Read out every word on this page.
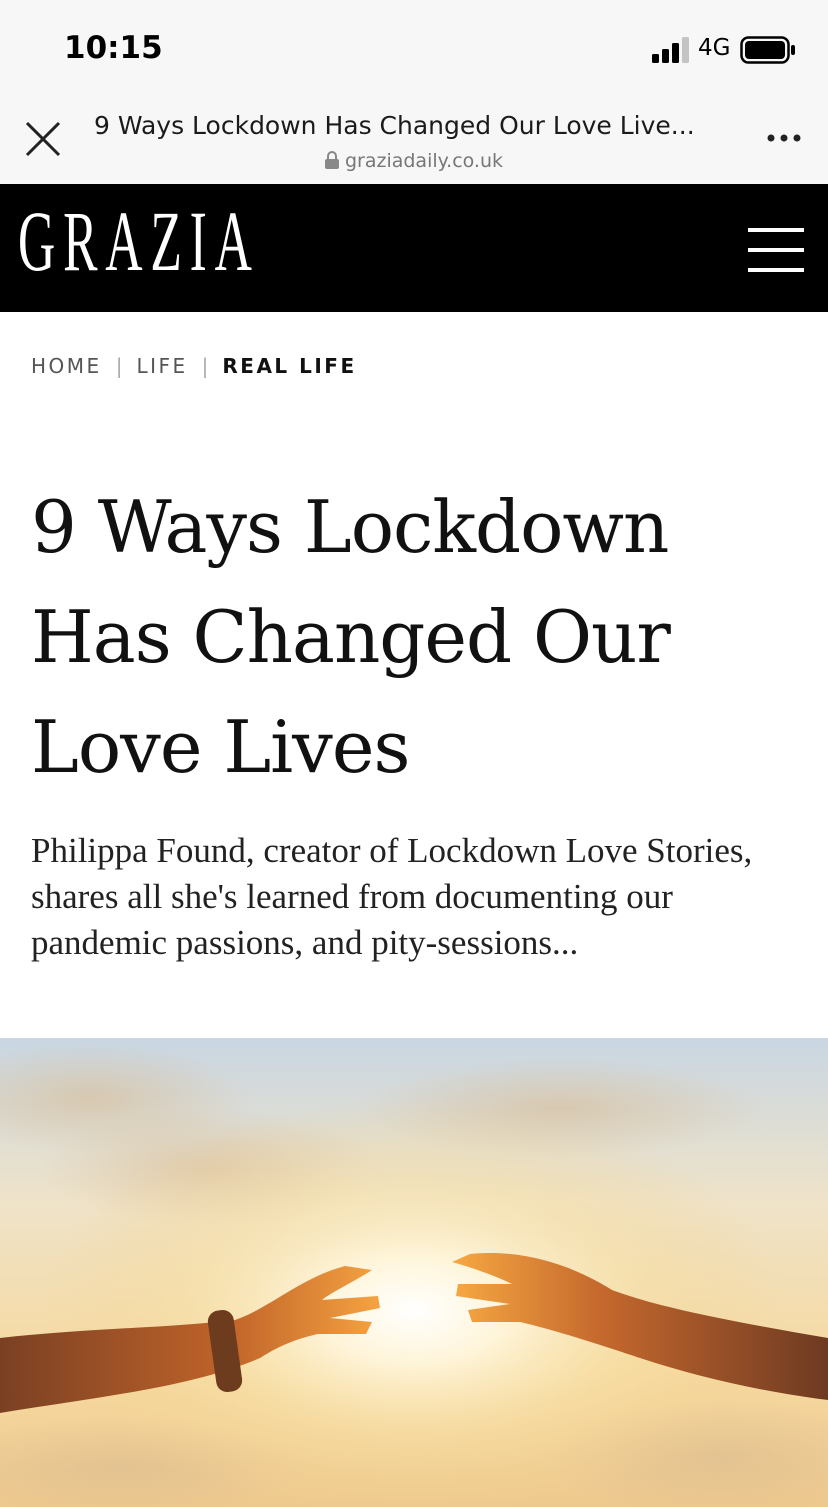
10:15	4G
9 Ways Lockdown Has Changed Our Love Live...
graziadaily.co.uk
GRAZIA
HOME | LIFE | REAL LIFE
9 Ways Lockdown Has Changed Our Love Lives

Philippa Found, creator of Lockdown Love Stories, shares all she's learned from documenting our pandemic passions, and pity-sessions...
